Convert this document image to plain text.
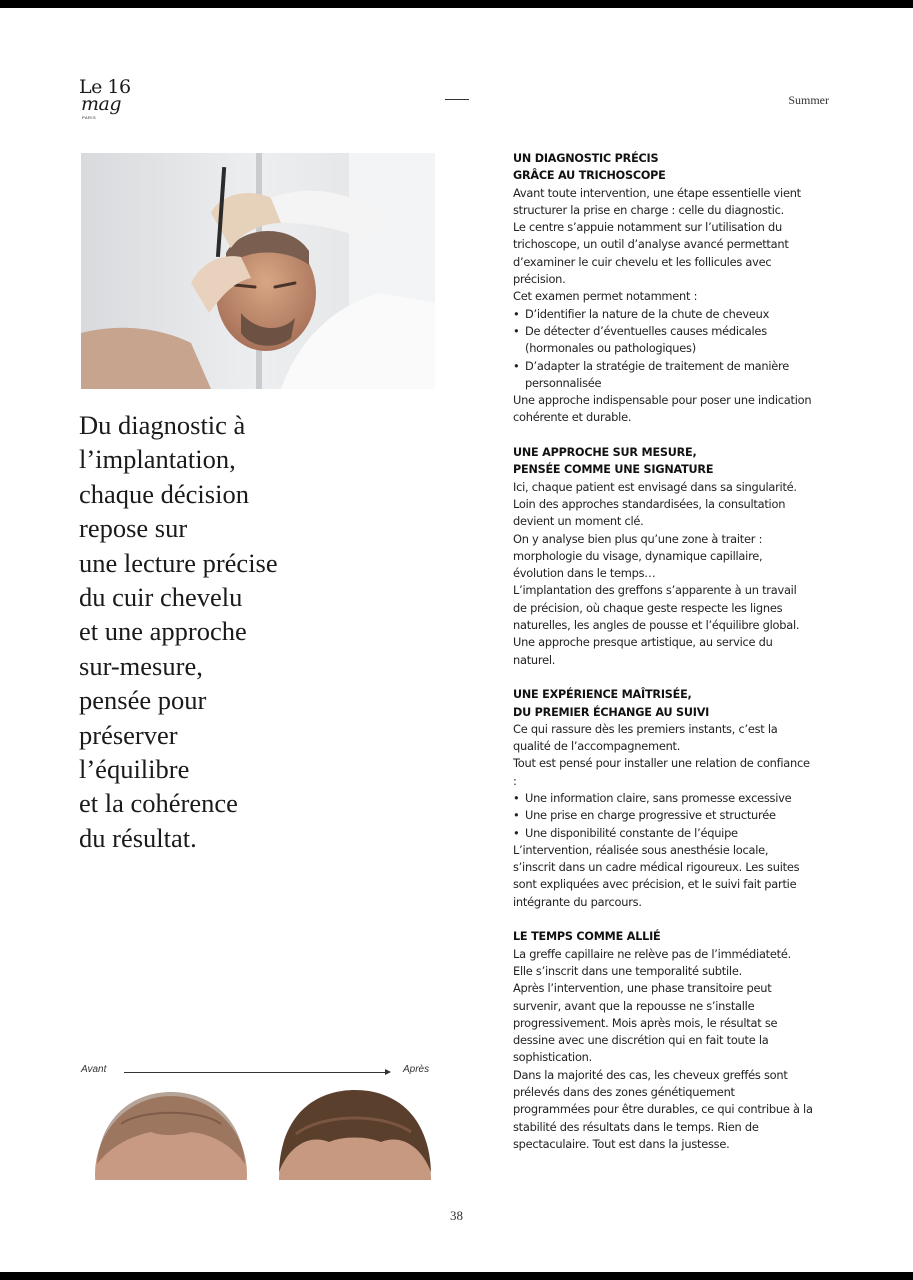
Le 16
mag
PARIS
Summer

Du diagnostic à
l’implantation,
chaque décision
repose sur
une lecture précise
du cuir chevelu
et une approche
sur-mesure,
pensée pour
préserver
l’équilibre
et la cohérence
du résultat.

Avant	Après
UN DIAGNOSTIC PRÉCIS
GRÂCE AU TRICHOSCOPE

Avant toute intervention, une étape essentielle vient structurer la prise en charge : celle du diagnostic.

Le centre s’appuie notamment sur l’utilisation du trichoscope, un outil d’analyse avancé permettant d’examiner le cuir chevelu et les follicules avec précision.

Cet examen permet notamment :

• D’identifier la nature de la chute de cheveux
• De détecter d’éventuelles causes médicales (hormonales ou pathologiques)
• D’adapter la stratégie de traitement de manière personnalisée

Une approche indispensable pour poser une indication cohérente et durable.

UNE APPROCHE SUR MESURE,
PENSÉE COMME UNE SIGNATURE

Ici, chaque patient est envisagé dans sa singularité. Loin des approches standardisées, la consultation devient un moment clé.

On y analyse bien plus qu’une zone à traiter : morphologie du visage, dynamique capillaire, évolution dans le temps…

L’implantation des greffons s’apparente à un travail de précision, où chaque geste respecte les lignes naturelles, les angles de pousse et l’équilibre global. Une approche presque artistique, au service du naturel.

UNE EXPÉRIENCE MAÎTRISÉE,
DU PREMIER ÉCHANGE AU SUIVI

Ce qui rassure dès les premiers instants, c’est la qualité de l’accompagnement.

Tout est pensé pour installer une relation de confiance :

• Une information claire, sans promesse excessive
• Une prise en charge progressive et structurée
• Une disponibilité constante de l’équipe

L’intervention, réalisée sous anesthésie locale, s’inscrit dans un cadre médical rigoureux. Les suites sont expliquées avec précision, et le suivi fait partie intégrante du parcours.

LE TEMPS COMME ALLIÉ

La greffe capillaire ne relève pas de l’immédiateté. Elle s’inscrit dans une temporalité subtile.

Après l’intervention, une phase transitoire peut survenir, avant que la repousse ne s’installe progressivement. Mois après mois, le résultat se dessine avec une discrétion qui en fait toute la sophistication.

Dans la majorité des cas, les cheveux greffés sont prélevés dans des zones génétiquement programmées pour être durables, ce qui contribue à la stabilité des résultats dans le temps. Rien de spectaculaire. Tout est dans la justesse.

38
